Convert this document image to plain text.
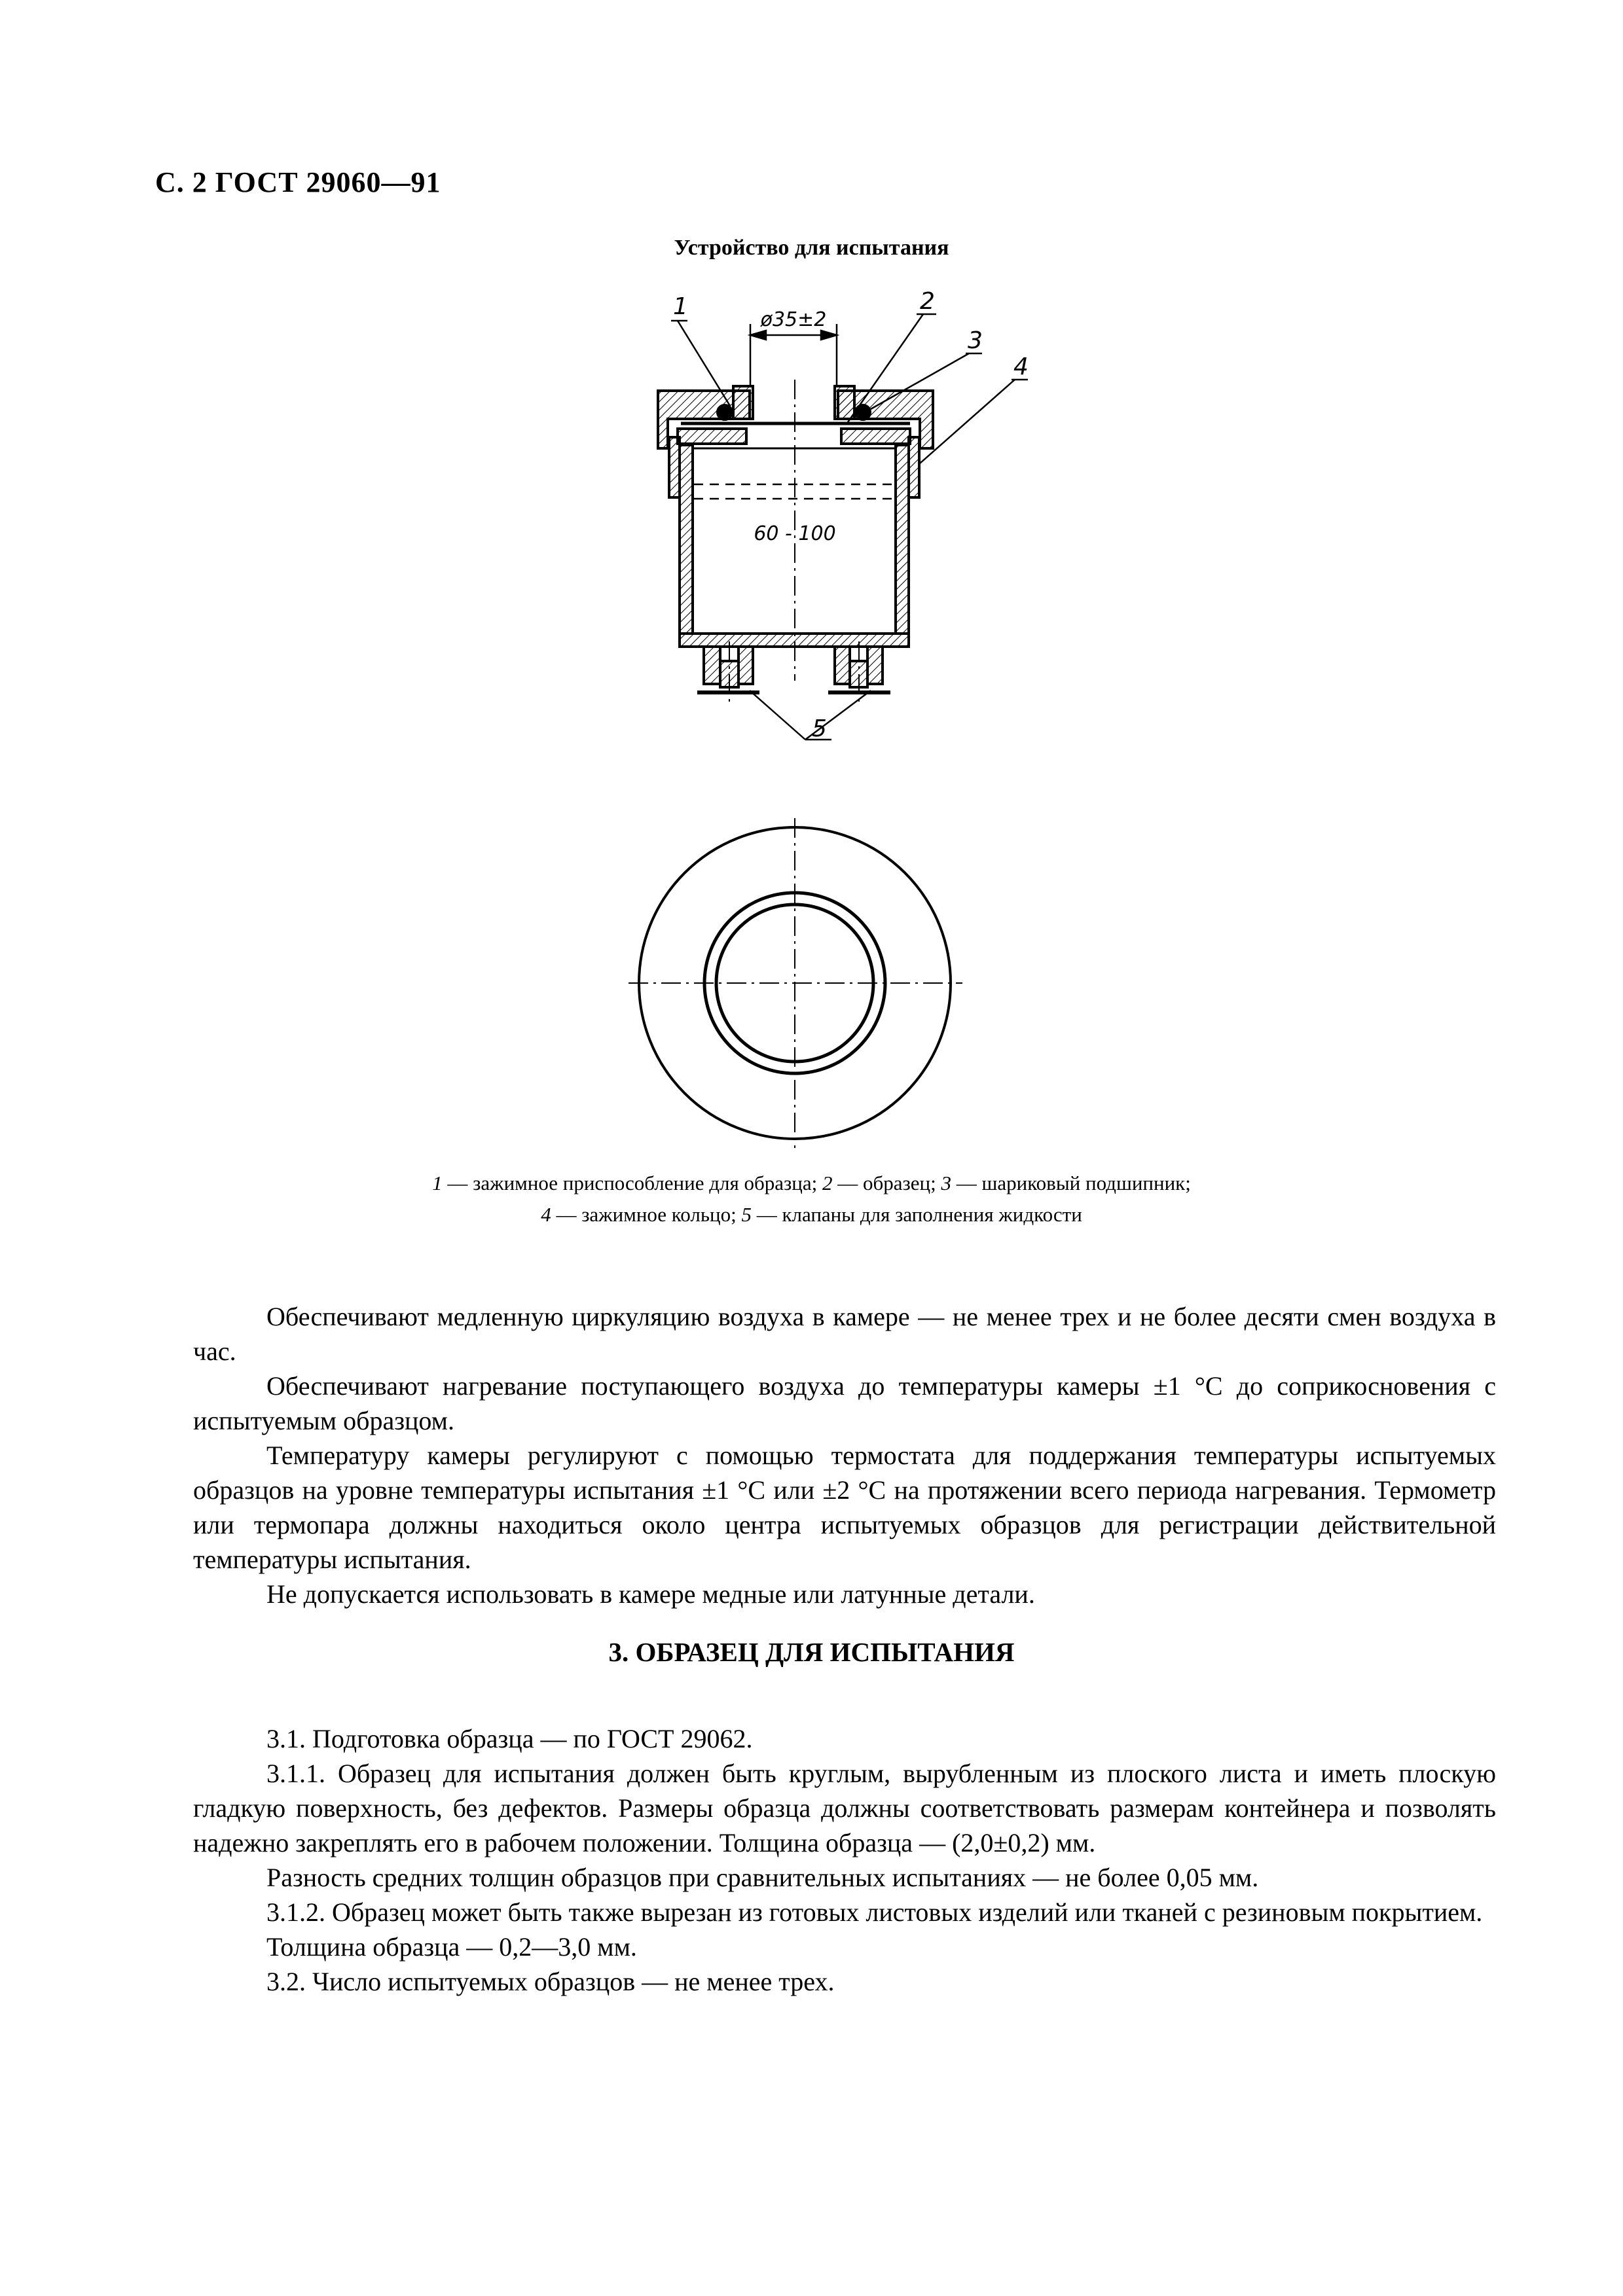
С. 2 ГОСТ 29060—91
Устройство для испытания
ø35±2
60 - 100
1	2
3
4
5
1 — зажимное приспособление для образца; 2 — образец; 3 — шариковый подшипник;
4 — зажимное кольцо; 5 — клапаны для заполнения жидкости

Обеспечивают медленную циркуляцию воздуха в камере — не менее трех и не более десяти смен воздуха в час.

Обеспечивают нагревание поступающего воздуха до температуры камеры ±1 °С до соприкосновения с испытуемым образцом.

Температуру камеры регулируют с помощью термостата для поддержания температуры испытуемых образцов на уровне температуры испытания ±1 °С или ±2 °С на протяжении всего периода нагревания. Термометр или термопара должны находиться около центра испытуемых образцов для регистрации действительной температуры испытания.

Не допускается использовать в камере медные или латунные детали.

3. ОБРАЗЕЦ ДЛЯ ИСПЫТАНИЯ

3.1. Подготовка образца — по ГОСТ 29062.

3.1.1. Образец для испытания должен быть круглым, вырубленным из плоского листа и иметь плоскую гладкую поверхность, без дефектов. Размеры образца должны соответствовать размерам контейнера и позволять надежно закреплять его в рабочем положении. Толщина образца — (2,0±0,2) мм.

Разность средних толщин образцов при сравнительных испытаниях — не более 0,05 мм.

3.1.2. Образец может быть также вырезан из готовых листовых изделий или тканей с резиновым покрытием.

Толщина образца — 0,2—3,0 мм.

3.2. Число испытуемых образцов — не менее трех.
